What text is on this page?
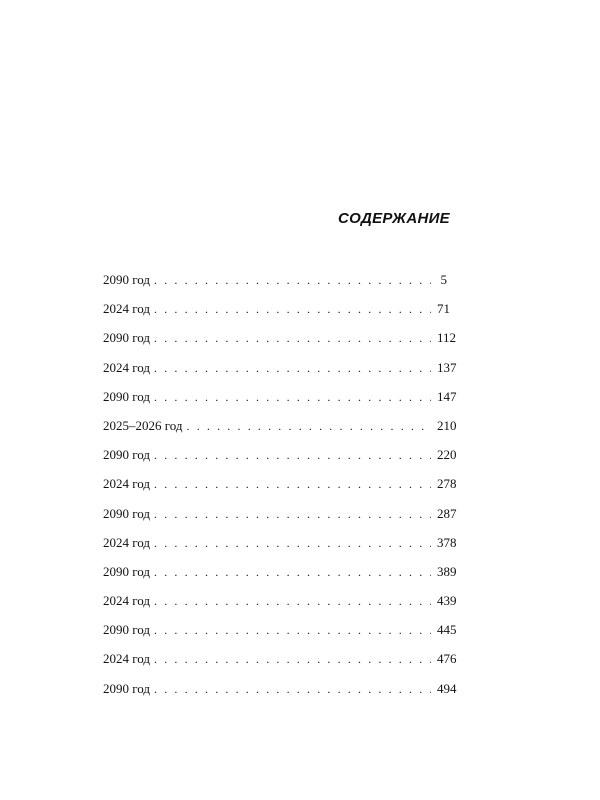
СОДЕРЖАНИЕ
2090 год . . .	5
2024 год . . .	71
2090 год . . .	112
2024 год . . .	137
2090 год . . .	147
2025–2026 год . . .	210
2090 год . . .	220
2024 год . . .	278
2090 год . . .	287
2024 год . . .	378
2090 год . . .	389
2024 год . . .	439
2090 год . . .	445
2024 год . . .	476
2090 год . . .	494
